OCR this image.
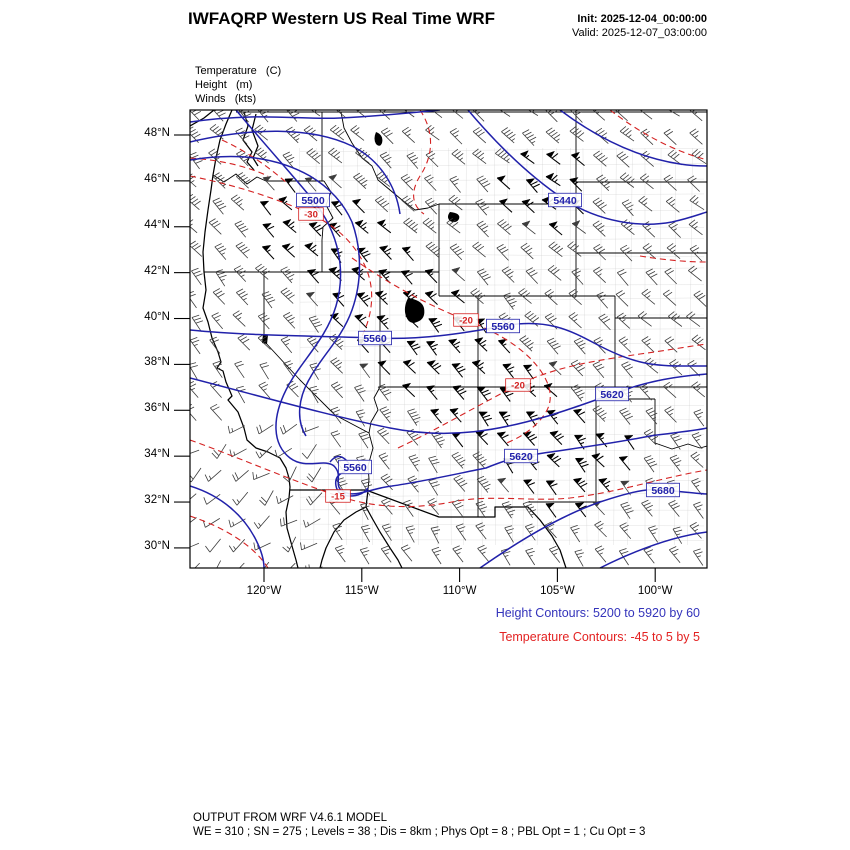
IWFAQRP Western US Real Time WRF	Init: 2025-12-04_00:00:00
Valid: 2025-12-07_03:00:00
Temperature   (C)
Height   (m)
Winds   (kts)
5500	5440
5560
5560
5620
5620
5560
5680
-30
-20
-20
-15
Height Contours: 5200 to 5920 by 60
Temperature Contours: -45 to 5 by 5
OUTPUT FROM WRF V4.6.1 MODEL
WE = 310 ; SN = 275 ; Levels = 38 ; Dis = 8km ; Phys Opt = 8 ; PBL Opt = 1 ; Cu Opt = 3
48°N
46°N
44°N
42°N
40°N
38°N
36°N
34°N
32°N
30°N
120°W	115°W	110°W	105°W	100°W
